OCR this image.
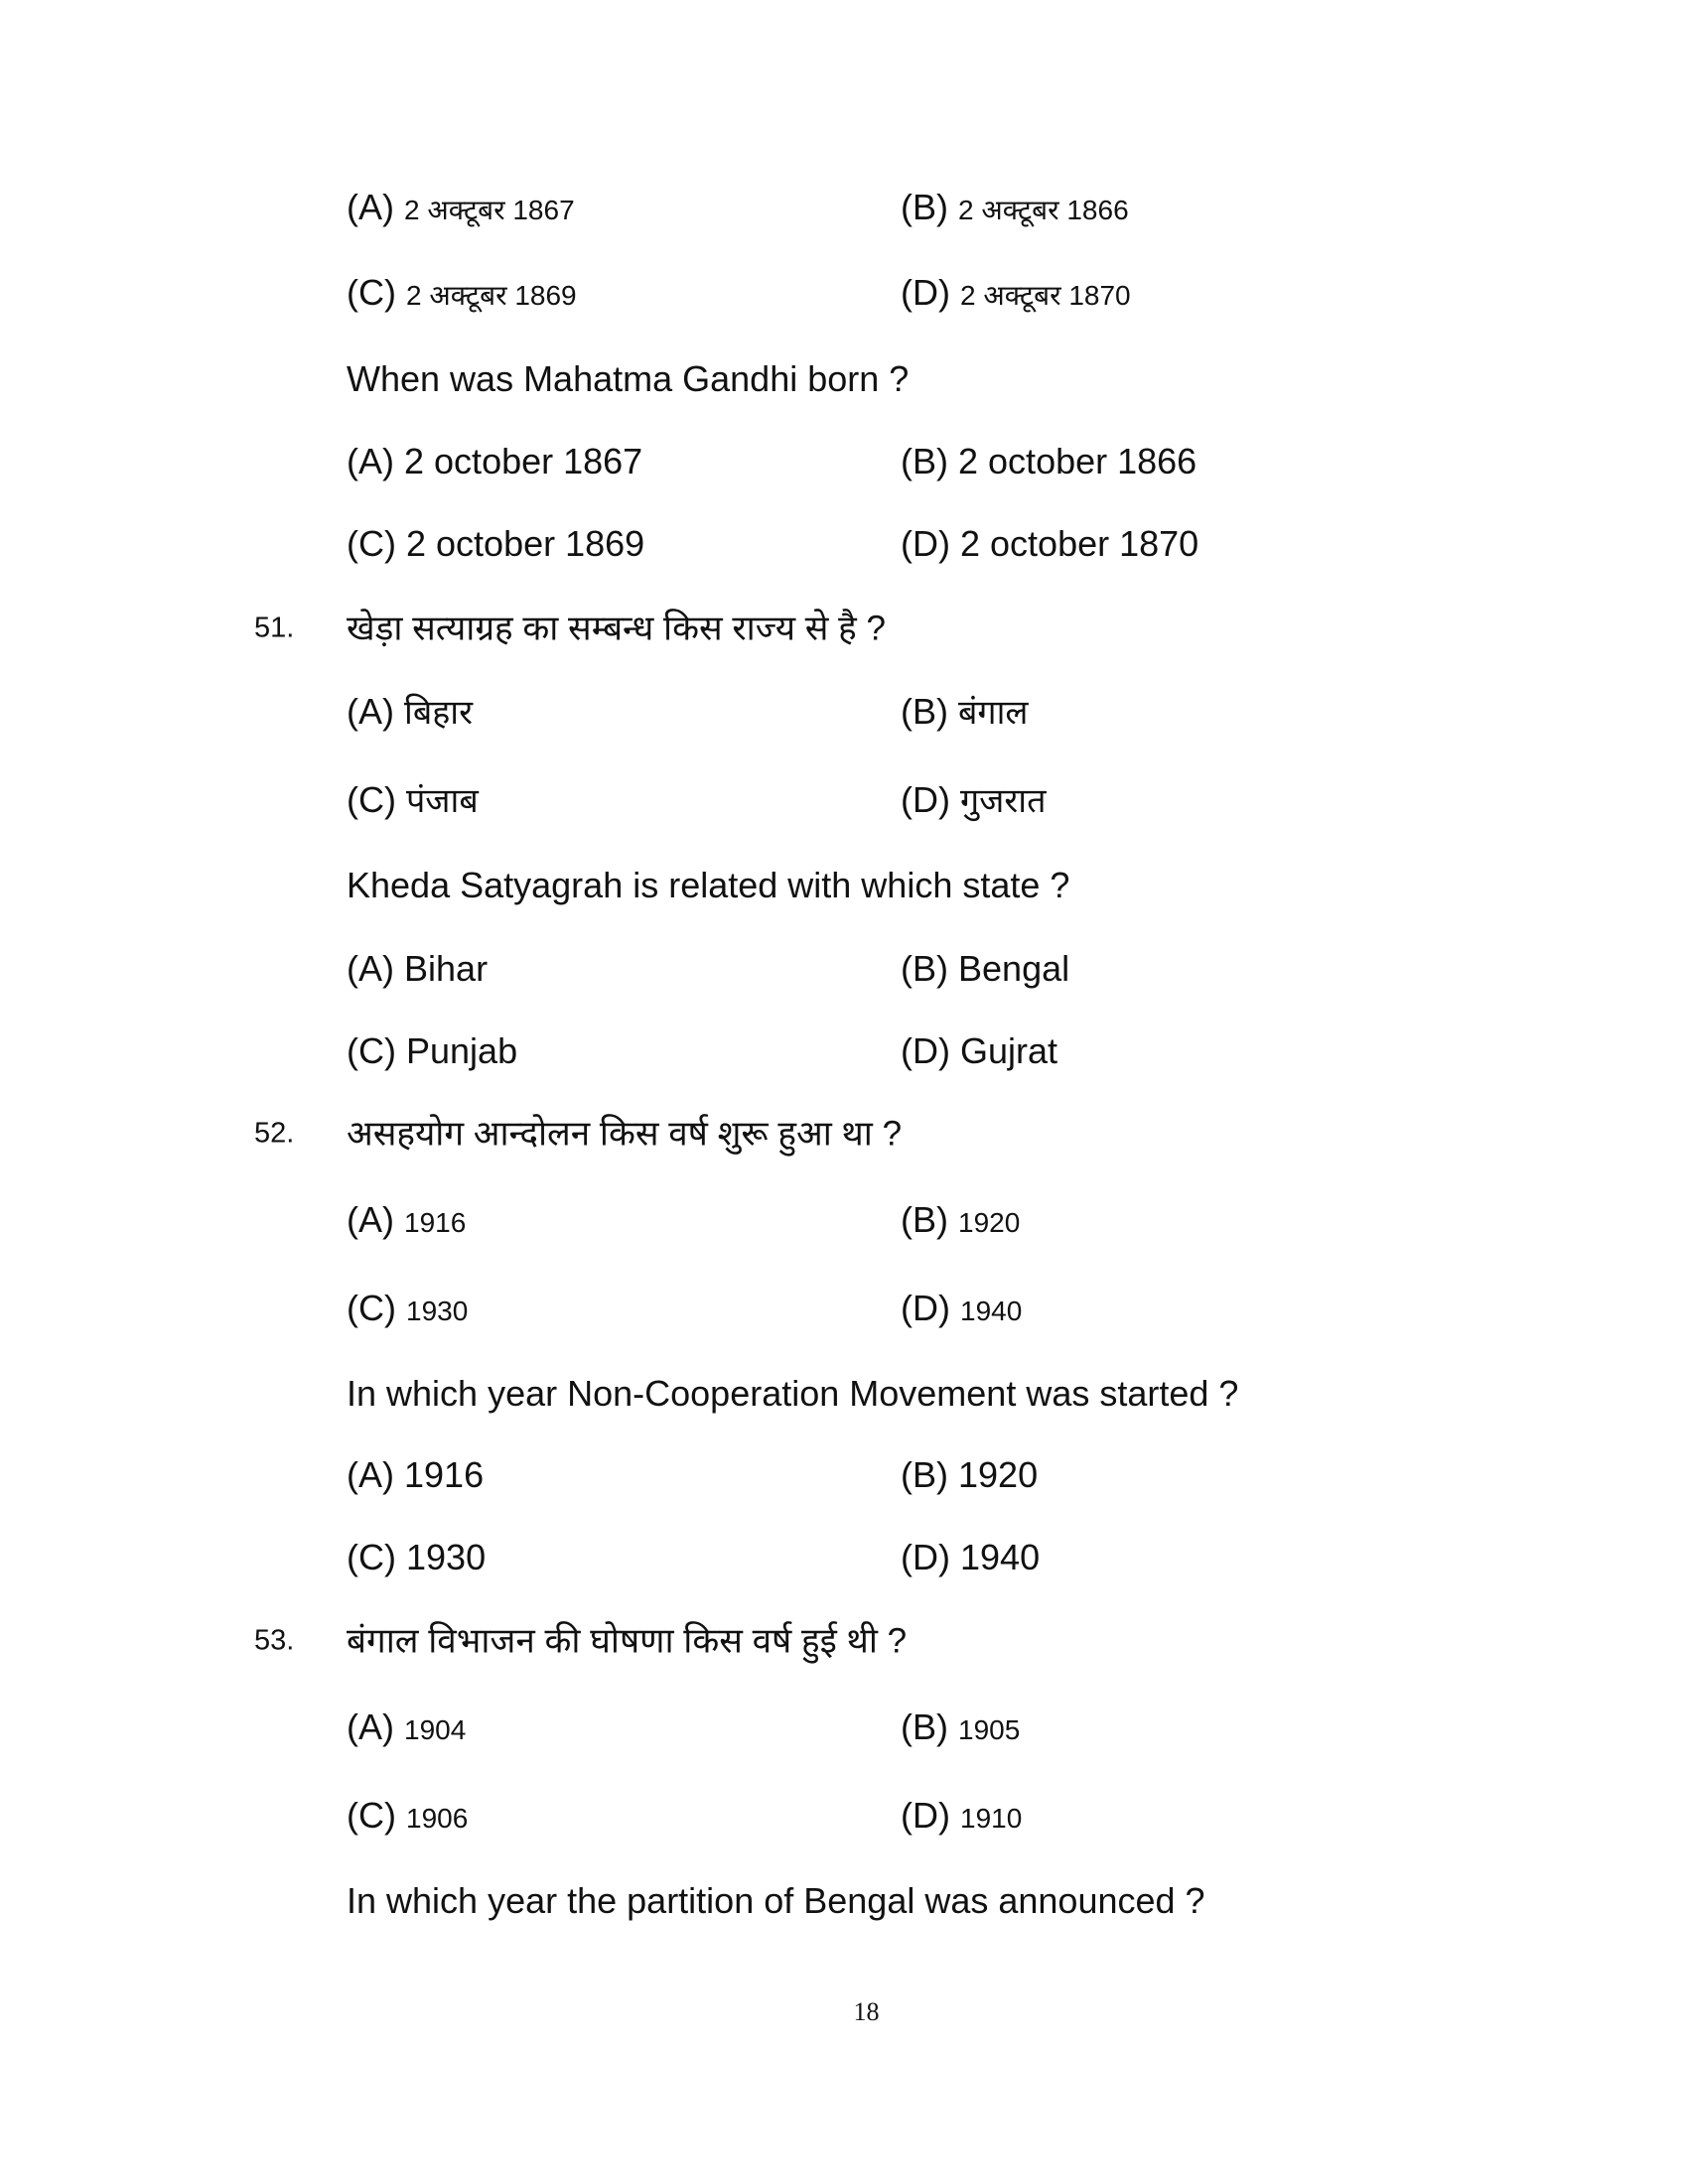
(A) 2 अक्टूबर 1867	(B) 2 अक्टूबर 1866
(C) 2 अक्टूबर 1869	(D) 2 अक्टूबर 1870
When was Mahatma Gandhi born ?
(A) 2 october 1867	(B) 2 october 1866
(C) 2 october 1869	(D) 2 october 1870
51. खेड़ा सत्याग्रह का सम्बन्ध किस राज्य से है ?
(A) बिहार	(B) बंगाल
(C) पंजाब	(D) गुजरात
Kheda Satyagrah is related with which state ?
(A) Bihar	(B) Bengal
(C) Punjab	(D) Gujrat
52. असहयोग आन्दोलन किस वर्ष शुरू हुआ था ?
(A) 1916	(B) 1920
(C) 1930	(D) 1940
In which year Non-Cooperation Movement was started ?
(A) 1916	(B) 1920
(C) 1930	(D) 1940
53. बंगाल विभाजन की घोषणा किस वर्ष हुई थी ?
(A) 1904	(B) 1905
(C) 1906	(D) 1910
In which year the partition of Bengal was announced ?
18
